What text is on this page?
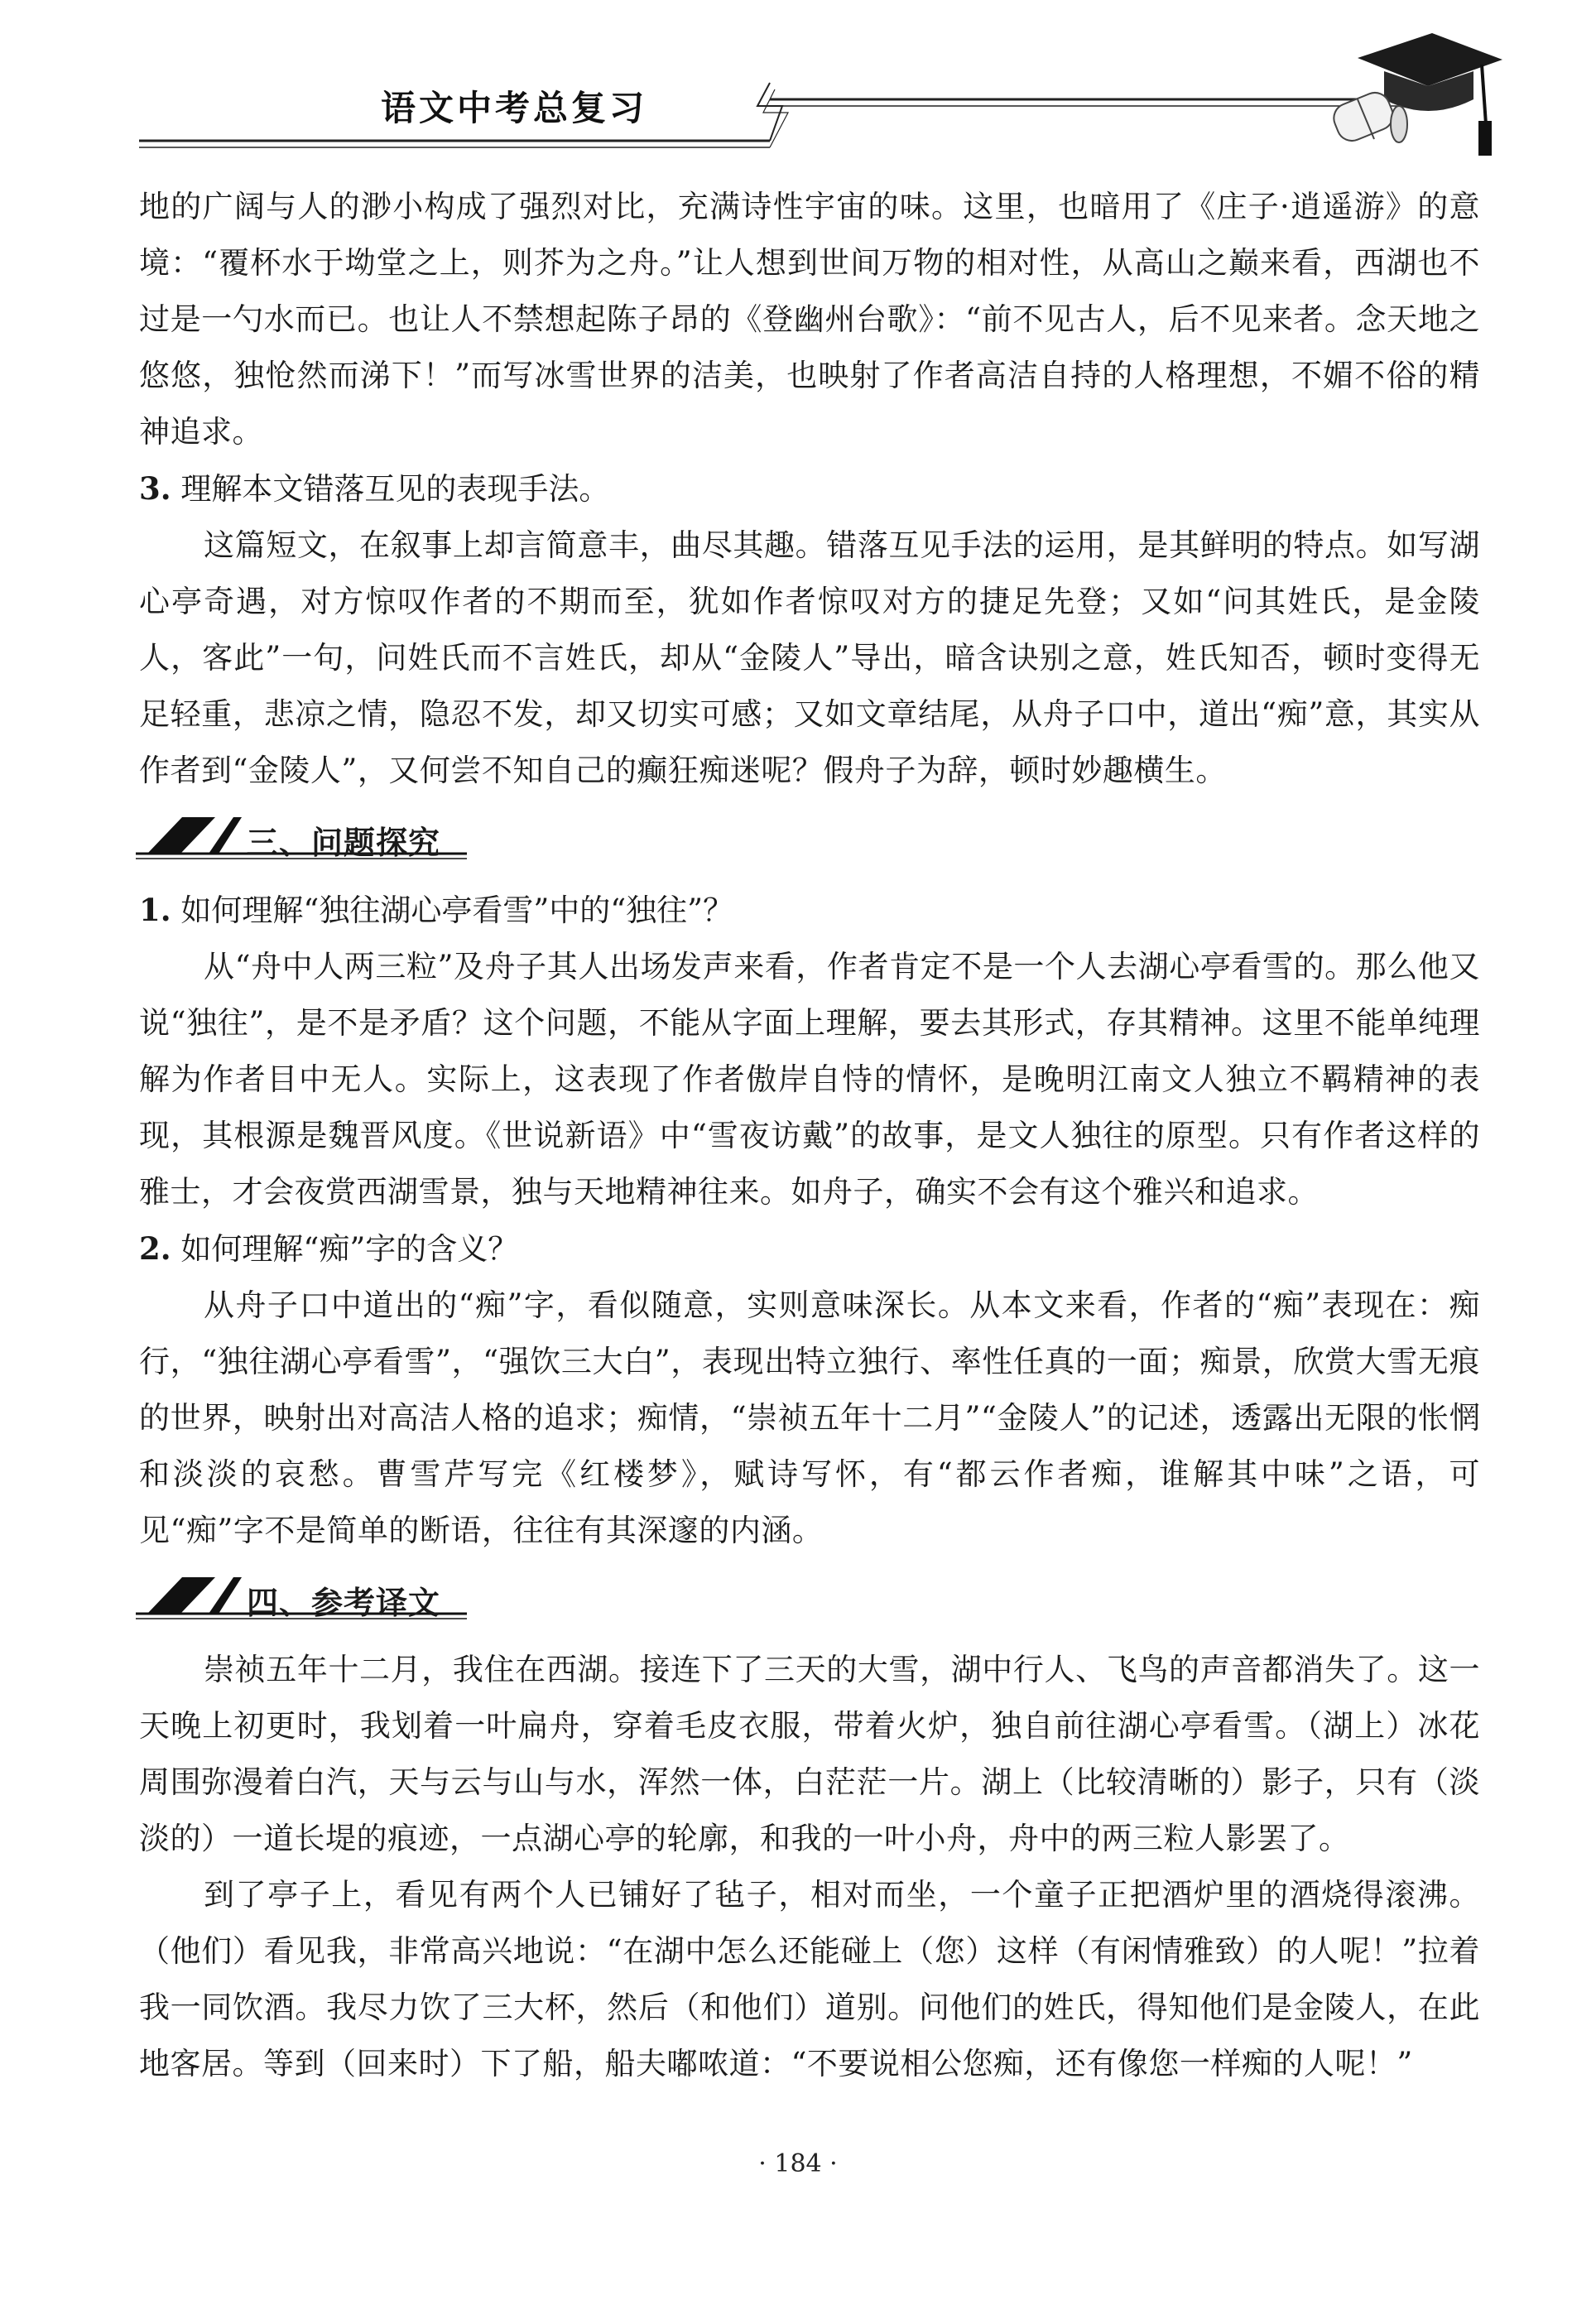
语文中考总复习

地的广阔与人的渺小构成了强烈对比，充满诗性宇宙的味。这里，也暗用了《庄子·逍遥游》的意境：“覆杯水于坳堂之上，则芥为之舟。”让人想到世间万物的相对性，从高山之巅来看，西湖也不过是一勺水而已。也让人不禁想起陈子昂的《登幽州台歌》：“前不见古人，后不见来者。念天地之悠悠，独怆然而涕下！”而写冰雪世界的洁美，也映射了作者高洁自持的人格理想，不媚不俗的精神追求。

3. 理解本文错落互见的表现手法。

这篇短文，在叙事上却言简意丰，曲尽其趣。错落互见手法的运用，是其鲜明的特点。如写湖心亭奇遇，对方惊叹作者的不期而至，犹如作者惊叹对方的捷足先登；又如“问其姓氏，是金陵人，客此”一句，问姓氏而不言姓氏，却从“金陵人”导出，暗含诀别之意，姓氏知否，顿时变得无足轻重，悲凉之情，隐忍不发，却又切实可感；又如文章结尾，从舟子口中，道出“痴”意，其实从作者到“金陵人”，又何尝不知自己的癫狂痴迷呢？假舟子为辞，顿时妙趣横生。

三、问题探究

1. 如何理解“独往湖心亭看雪”中的“独往”？

从“舟中人两三粒”及舟子其人出场发声来看，作者肯定不是一个人去湖心亭看雪的。那么他又说“独往”，是不是矛盾？这个问题，不能从字面上理解，要去其形式，存其精神。这里不能单纯理解为作者目中无人。实际上，这表现了作者傲岸自恃的情怀，是晚明江南文人独立不羁精神的表现，其根源是魏晋风度。《世说新语》中“雪夜访戴”的故事，是文人独往的原型。只有作者这样的雅士，才会夜赏西湖雪景，独与天地精神往来。如舟子，确实不会有这个雅兴和追求。

2. 如何理解“痴”字的含义？

从舟子口中道出的“痴”字，看似随意，实则意味深长。从本文来看，作者的“痴”表现在：痴行，“独往湖心亭看雪”，“强饮三大白”，表现出特立独行、率性任真的一面；痴景，欣赏大雪无痕的世界，映射出对高洁人格的追求；痴情，“崇祯五年十二月”“金陵人”的记述，透露出无限的怅惘和淡淡的哀愁。曹雪芹写完《红楼梦》，赋诗写怀，有“都云作者痴，谁解其中味”之语，可见“痴”字不是简单的断语，往往有其深邃的内涵。

四、参考译文

崇祯五年十二月，我住在西湖。接连下了三天的大雪，湖中行人、飞鸟的声音都消失了。这一天晚上初更时，我划着一叶扁舟，穿着毛皮衣服，带着火炉，独自前往湖心亭看雪。（湖上）冰花周围弥漫着白汽，天与云与山与水，浑然一体，白茫茫一片。湖上（比较清晰的）影子，只有（淡淡的）一道长堤的痕迹，一点湖心亭的轮廓，和我的一叶小舟，舟中的两三粒人影罢了。

到了亭子上，看见有两个人已铺好了毡子，相对而坐，一个童子正把酒炉里的酒烧得滚沸。（他们）看见我，非常高兴地说：“在湖中怎么还能碰上（您）这样（有闲情雅致）的人呢！”拉着我一同饮酒。我尽力饮了三大杯，然后（和他们）道别。问他们的姓氏，得知他们是金陵人，在此地客居。等到（回来时）下了船，船夫嘟哝道：“不要说相公您痴，还有像您一样痴的人呢！”

· 184 ·
